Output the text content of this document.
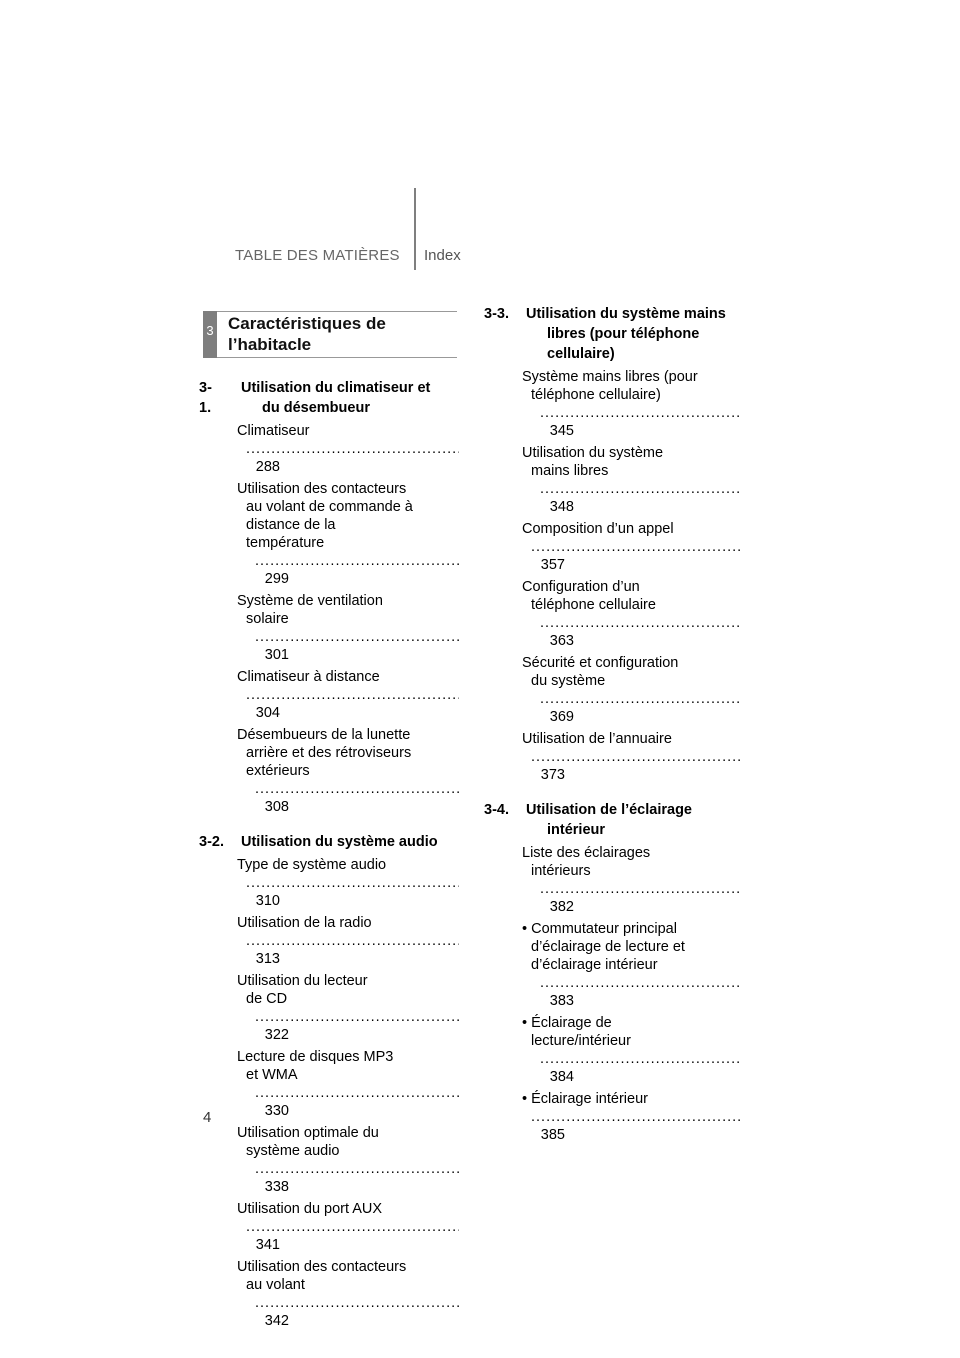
TABLE DES MATIÈRES Index
3 Caractéristiques de
l’habitacle
3-1.
Utilisation du climatiseur et
du désembueur
Climatiseur
.....
288
Utilisation des contacteurs
au volant de commande à
distance de la
température
.....
299
Système de ventilation
solaire
.....
301
Climatiseur à distance
.....
304
Désembueurs de la lunette
arrière et des rétroviseurs
extérieurs
.....
308
3-2.	Utilisation du système audio
Type de système audio
.....
310
Utilisation de la radio
.....
313
Utilisation du lecteur
de CD
.....
322
Lecture de disques MP3
et WMA
.....
330
Utilisation optimale du
système audio
.....
338
Utilisation du port AUX
.....
341
Utilisation des contacteurs
au volant
.....
342
3-3.	Utilisation du système mains
libres (pour téléphone
cellulaire)
Système mains libres (pour
téléphone cellulaire)
.....
345
Utilisation du système
mains libres
.....
348
Composition d’un appel
.....
357
Configuration d’un
téléphone cellulaire
.....
363
Sécurité et configuration
du système
.....
369
Utilisation de l’annuaire
.....
373
3-4.	Utilisation de l’éclairage
intérieur
Liste des éclairages
intérieurs
.....
382
• Commutateur principal
d’éclairage de lecture et
d’éclairage intérieur
.....
383
• Éclairage de
lecture/intérieur
.....
384
• Éclairage intérieur
.....
385
4
